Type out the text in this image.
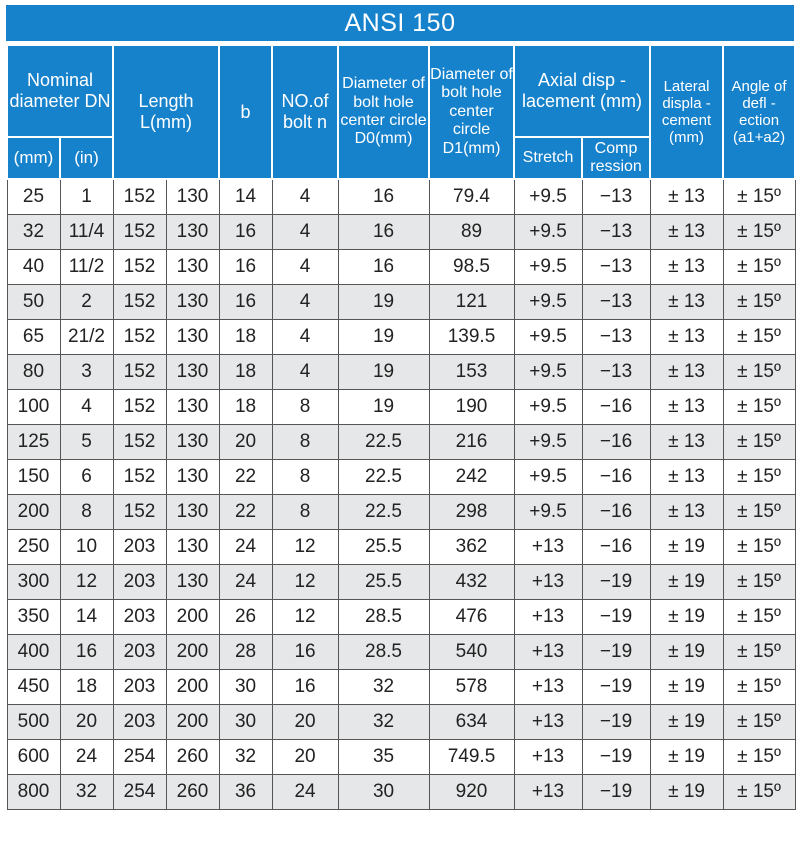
ANSI 150
Nominal diameter DN		Length L(mm)		b	NO.of bolt n	Diameter of bolt hole center circle D0(mm)	Diameter of bolt hole center circle D1(mm)	Axial disp -lacement (mm)		Lateral displa -cement (mm)	Angle of defl -ection (a1+a2)
(mm)	(in)							Stretch	Comp ression		
25	1	152	130	14	4	16	79.4	+9.5	−13	± 13	± 15º
32	11/4	152	130	16	4	16	89	+9.5	−13	± 13	± 15º
40	11/2	152	130	16	4	16	98.5	+9.5	−13	± 13	± 15º
50	2	152	130	16	4	19	121	+9.5	−13	± 13	± 15º
65	21/2	152	130	18	4	19	139.5	+9.5	−13	± 13	± 15º
80	3	152	130	18	4	19	153	+9.5	−13	± 13	± 15º
100	4	152	130	18	8	19	190	+9.5	−16	± 13	± 15º
125	5	152	130	20	8	22.5	216	+9.5	−16	± 13	± 15º
150	6	152	130	22	8	22.5	242	+9.5	−16	± 13	± 15º
200	8	152	130	22	8	22.5	298	+9.5	−16	± 13	± 15º
250	10	203	130	24	12	25.5	362	+13	−16	± 19	± 15º
300	12	203	130	24	12	25.5	432	+13	−19	± 19	± 15º
350	14	203	200	26	12	28.5	476	+13	−19	± 19	± 15º
400	16	203	200	28	16	28.5	540	+13	−19	± 19	± 15º
450	18	203	200	30	16	32	578	+13	−19	± 19	± 15º
500	20	203	200	30	20	32	634	+13	−19	± 19	± 15º
600	24	254	260	32	20	35	749.5	+13	−19	± 19	± 15º
800	32	254	260	36	24	30	920	+13	−19	± 19	± 15º
